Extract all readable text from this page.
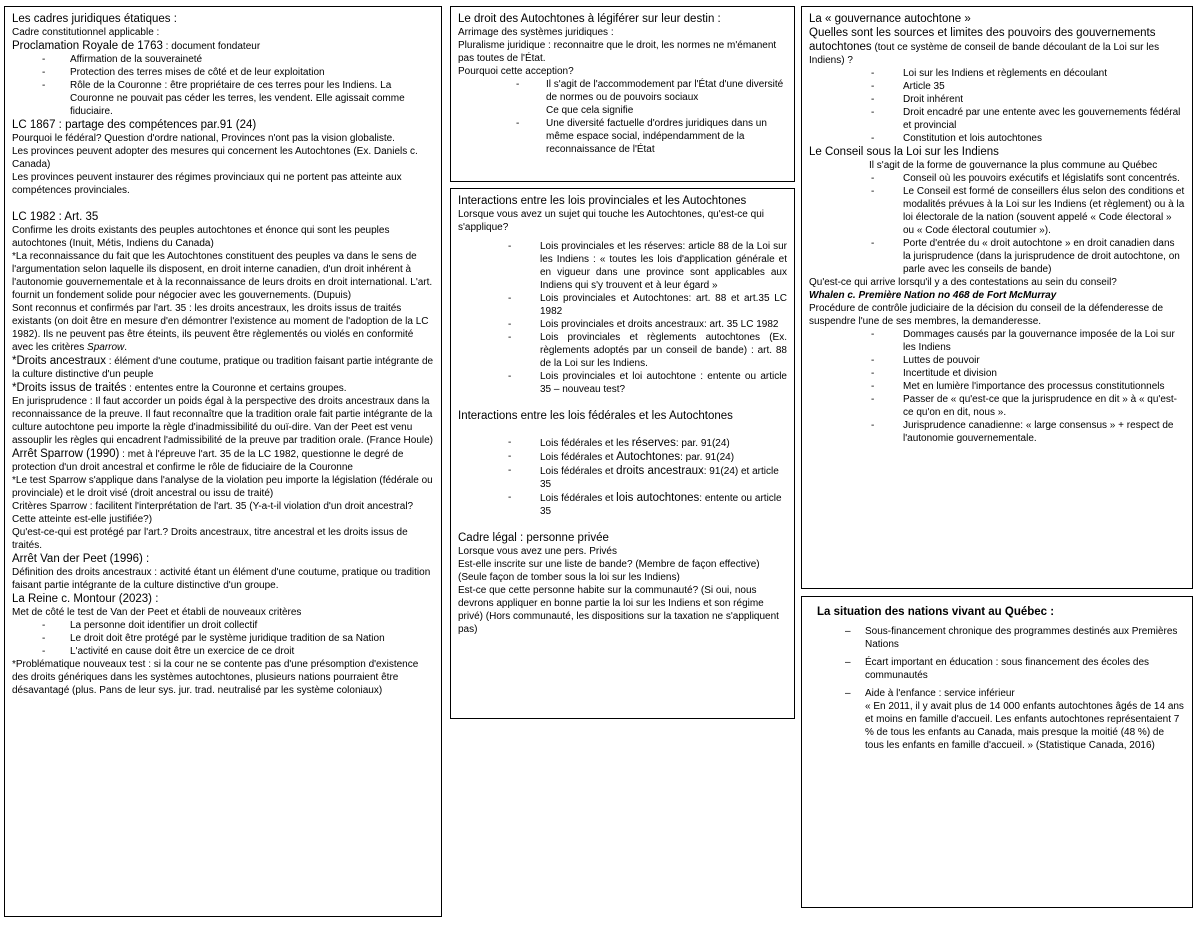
Les cadres juridiques étatiques :

Cadre constitutionnel applicable :

Proclamation Royale de 1763 : document fondateur

- Affirmation de la souveraineté
- Protection des terres mises de côté et de leur exploitation
- Rôle de la Couronne : être propriétaire de ces terres pour les Indiens. La Couronne ne pouvait pas céder les terres, les vendent. Elle agissait comme fiduciaire.

LC 1867 : partage des compétences par.91 (24)

Pourquoi le fédéral? Question d'ordre national, Provinces n'ont pas la vision globaliste.

Les provinces peuvent adopter des mesures qui concernent les Autochtones (Ex. Daniels c. Canada)

Les provinces peuvent instaurer des régimes provinciaux qui ne portent pas atteinte aux compétences provinciales.

LC 1982 : Art. 35

Confirme les droits existants des peuples autochtones et énonce qui sont les peuples autochtones (Inuit, Métis, Indiens du Canada)

*La reconnaissance du fait que les Autochtones constituent des peuples va dans le sens de l'argumentation selon laquelle ils disposent, en droit interne canadien, d'un droit inhérent à l'autonomie gouvernementale et à la reconnaissance de leurs droits en droit international. L'art. fournit un fondement solide pour négocier avec les gouvernements. (Dupuis)

Sont reconnus et confirmés par l'art. 35 : les droits ancestraux, les droits issus de traités existants (on doit être en mesure d'en démontrer l'existence au moment de l'adoption de la LC 1982). Ils ne peuvent pas être éteints, ils peuvent être règlementés ou violés en conformité avec les critères Sparrow.

*Droits ancestraux : élément d'une coutume, pratique ou tradition faisant partie intégrante de la culture distinctive d'un peuple

*Droits issus de traités : ententes entre la Couronne et certains groupes.

En jurisprudence : Il faut accorder un poids égal à la perspective des droits ancestraux dans la reconnaissance de la preuve. Il faut reconnaître que la tradition orale fait partie intégrante de la culture autochtone peu importe la règle d'inadmissibilité du ouï-dire. Van der Peet est venu assouplir les règles qui encadrent l'admissibilité de la preuve par tradition orale. (France Houle)

Arrêt Sparrow (1990) : met à l'épreuve l'art. 35 de la LC 1982, questionne le degré de protection d'un droit ancestral et confirme le rôle de fiduciaire de la Couronne

*Le test Sparrow s'applique dans l'analyse de la violation peu importe la législation (fédérale ou provinciale) et le droit visé (droit ancestral ou issu de traité)

Critères Sparrow : facilitent l'interprétation de l'art. 35 (Y-a-t-il violation d'un droit ancestral? Cette atteinte est-elle justifiée?)

Qu'est-ce-qui est protégé par l'art.? Droits ancestraux, titre ancestral et les droits issus de traités.

Arrêt Van der Peet (1996) :

Définition des droits ancestraux : activité étant un élément d'une coutume, pratique ou tradition faisant partie intégrante de la culture distinctive d'un groupe.

La Reine c. Montour (2023) :

Met de côté le test de Van der Peet et établi de nouveaux critères

- La personne doit identifier un droit collectif
- Le droit doit être protégé par le système juridique tradition de sa Nation
- L'activité en cause doit être un exercice de ce droit

*Problématique nouveaux test : si la cour ne se contente pas d'une présomption d'existence des droits génériques dans les systèmes autochtones, plusieurs nations pourraient être désavantagé (plus. Pans de leur sys. jur. trad. neutralisé par les système coloniaux)

Le droit des Autochtones à légiférer sur leur destin :

Arrimage des systèmes juridiques :

Pluralisme juridique : reconnaitre que le droit, les normes ne m'émanent pas toutes de l'État.

Pourquoi cette acception?

- Il s'agit de l'accommodement par l'État d'une diversité de normes ou de pouvoirs sociaux

Ce que cela signifie

- Une diversité factuelle d'ordres juridiques dans un même espace social, indépendamment de la reconnaissance de l'État

Interactions entre les lois provinciales et les Autochtones

Lorsque vous avez un sujet qui touche les Autochtones, qu'est-ce qui s'applique?

- Lois provinciales et les réserves: article 88 de la Loi sur les Indiens : « toutes les lois d'application générale et en vigueur dans une province sont applicables aux Indiens qui s'y trouvent et à leur égard »
- Lois provinciales et Autochtones: art. 88 et art.35 LC 1982
- Lois provinciales et droits ancestraux: art. 35 LC 1982
- Lois provinciales et règlements autochtones (Ex. règlements adoptés par un conseil de bande) : art. 88 de la Loi sur les Indiens.
- Lois provinciales et loi autochtone : entente ou article 35 – nouveau test?

Interactions entre les lois fédérales et les Autochtones

- Lois fédérales et les réserves: par. 91(24)
- Lois fédérales et Autochtones: par. 91(24)
- Lois fédérales et droits ancestraux: 91(24) et article 35
- Lois fédérales et lois autochtones: entente ou article 35

Cadre légal : personne privée

Lorsque vous avez une pers. Privés

Est-elle inscrite sur une liste de bande? (Membre de façon effective) (Seule façon de tomber sous la loi sur les Indiens)

Est-ce que cette personne habite sur la communauté? (Si oui, nous devrons appliquer en bonne partie la loi sur les Indiens et son régime privé) (Hors communauté, les dispositions sur la taxation ne s'appliquent pas)

La « gouvernance autochtone »

Quelles sont les sources et limites des pouvoirs des gouvernements autochtones (tout ce système de conseil de bande découlant de la Loi sur les Indiens) ?

- Loi sur les Indiens et règlements en découlant
- Article 35
- Droit inhérent
- Droit encadré par une entente avec les gouvernements fédéral et provincial
- Constitution et lois autochtones

Le Conseil sous la Loi sur les Indiens

Il s'agit de la forme de gouvernance la plus commune au Québec

- Conseil où les pouvoirs exécutifs et législatifs sont concentrés.
- Le Conseil est formé de conseillers élus selon des conditions et modalités prévues à la Loi sur les Indiens (et règlement) ou à la loi électorale de la nation (souvent appelé « Code électoral » ou « Code électoral coutumier »).
- Porte d'entrée du « droit autochtone » en droit canadien dans la jurisprudence (dans la jurisprudence de droit autochtone, on parle avec les conseils de bande)

Qu'est-ce qui arrive lorsqu'il y a des contestations au sein du conseil?

Whalen c. Première Nation no 468 de Fort McMurray

Procédure de contrôle judiciaire de la décision du conseil de la défenderesse de suspendre l'une de ses membres, la demanderesse.

- Dommages causés par la gouvernance imposée de la Loi sur les Indiens
- Luttes de pouvoir
- Incertitude et division
- Met en lumière l'importance des processus constitutionnels
- Passer de « qu'est-ce que la jurisprudence en dit » à « qu'est-ce qu'on en dit, nous ».
- Jurisprudence canadienne: « large consensus » + respect de l'autonomie gouvernementale.

La situation des nations vivant au Québec :

– Sous-financement chronique des programmes destinés aux Premières Nations
– Écart important en éducation : sous financement des écoles des communautés
– Aide à l'enfance : service inférieur

« En 2011, il y avait plus de 14 000 enfants autochtones âgés de 14 ans et moins en famille d'accueil. Les enfants autochtones représentaient 7 % de tous les enfants au Canada, mais presque la moitié (48 %) de tous les enfants en famille d'accueil. » (Statistique Canada, 2016)
